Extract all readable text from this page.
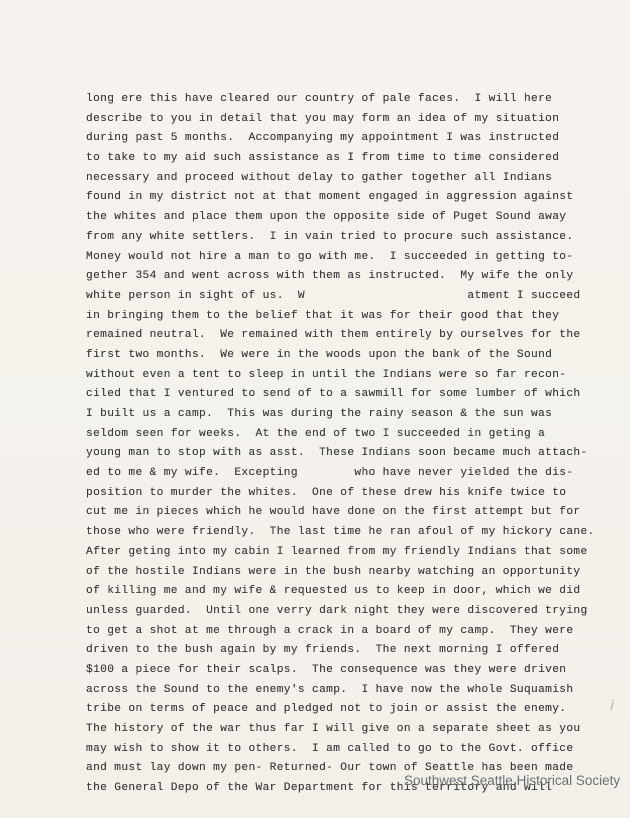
long ere this have cleared our country of pale faces.  I will here
describe to you in detail that you may form an idea of my situation
during past 5 months.  Accompanying my appointment I was instructed
to take to my aid such assistance as I from time to time considered
necessary and proceed without delay to gather together all Indians
found in my district not at that moment engaged in aggression against
the whites and place them upon the opposite side of Puget Sound away
from any white settlers.  I in vain tried to procure such assistance.
Money would not hire a man to go with me.  I succeeded in getting to-
gether 354 and went across with them as instructed.  My wife the only
white person in sight of us.  W                       atment I succeed
in bringing them to the belief that it was for their good that they
remained neutral.  We remained with them entirely by ourselves for the
first two months.  We were in the woods upon the bank of the Sound
without even a tent to sleep in until the Indians were so far recon-
ciled that I ventured to send of to a sawmill for some lumber of which
I built us a camp.  This was during the rainy season & the sun was
seldom seen for weeks.  At the end of two I succeeded in geting a
young man to stop with as asst.  These Indians soon became much attach-
ed to me & my wife.  Excepting        who have never yielded the dis-
position to murder the whites.  One of these drew his knife twice to
cut me in pieces which he would have done on the first attempt but for
those who were friendly.  The last time he ran afoul of my hickory cane.
After geting into my cabin I learned from my friendly Indians that some
of the hostile Indians were in the bush nearby watching an opportunity
of killing me and my wife & requested us to keep in door, which we did
unless guarded.  Until one verry dark night they were discovered trying
to get a shot at me through a crack in a board of my camp.  They were
driven to the bush again by my friends.  The next morning I offered
$100 a piece for their scalps.  The consequence was they were driven
across the Sound to the enemy's camp.  I have now the whole Suquamish
tribe on terms of peace and pledged not to join or assist the enemy.
The history of the war thus far I will give on a separate sheet as you
may wish to show it to others.  I am called to go to the Govt. office
and must lay down my pen- Returned- Our town of Seattle has been made
the General Depo of the War Department for this territory and will
ⅰ
Southwest Seattle Historical Society
